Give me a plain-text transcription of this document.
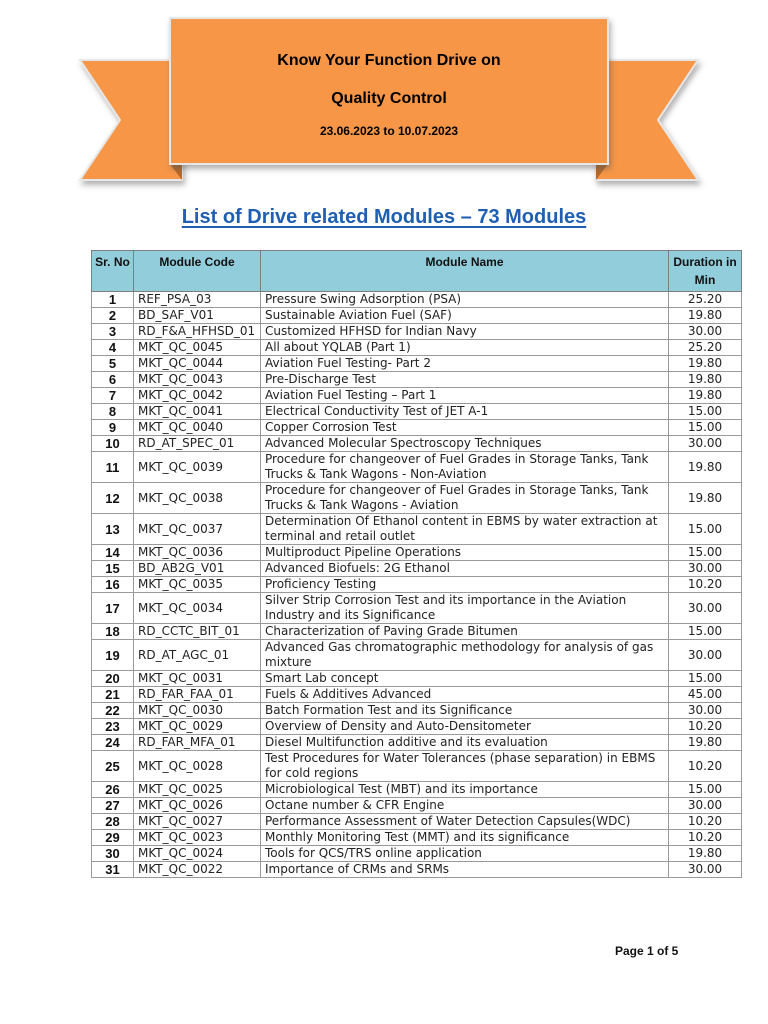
Know Your Function Drive on
Quality Control
23.06.2023 to 10.07.2023
List of Drive related Modules – 73 Modules
Sr. No	Module Code	Module Name	Duration in Min
1	REF_PSA_03	Pressure Swing Adsorption (PSA)	25.20
2	BD_SAF_V01	Sustainable Aviation Fuel (SAF)	19.80
3	RD_F&A_HFHSD_01	Customized HFHSD for Indian Navy	30.00
4	MKT_QC_0045	All about YQLAB (Part 1)	25.20
5	MKT_QC_0044	Aviation Fuel Testing- Part 2	19.80
6	MKT_QC_0043	Pre-Discharge Test	19.80
7	MKT_QC_0042	Aviation Fuel Testing – Part 1	19.80
8	MKT_QC_0041	Electrical Conductivity Test of JET A-1	15.00
9	MKT_QC_0040	Copper Corrosion Test	15.00
10	RD_AT_SPEC_01	Advanced Molecular Spectroscopy Techniques	30.00
11	MKT_QC_0039	Procedure for changeover of Fuel Grades in Storage Tanks, Tank Trucks & Tank Wagons - Non-Aviation	19.80
12	MKT_QC_0038	Procedure for changeover of Fuel Grades in Storage Tanks, Tank Trucks & Tank Wagons - Aviation	19.80
13	MKT_QC_0037	Determination Of Ethanol content in EBMS by water extraction at terminal and retail outlet	15.00
14	MKT_QC_0036	Multiproduct Pipeline Operations	15.00
15	BD_AB2G_V01	Advanced Biofuels: 2G Ethanol	30.00
16	MKT_QC_0035	Proficiency Testing	10.20
17	MKT_QC_0034	Silver Strip Corrosion Test and its importance in the Aviation Industry and its Significance	30.00
18	RD_CCTC_BIT_01	Characterization of Paving Grade Bitumen	15.00
19	RD_AT_AGC_01	Advanced Gas chromatographic methodology for analysis of gas mixture	30.00
20	MKT_QC_0031	Smart Lab concept	15.00
21	RD_FAR_FAA_01	Fuels & Additives Advanced	45.00
22	MKT_QC_0030	Batch Formation Test and its Significance	30.00
23	MKT_QC_0029	Overview of Density and Auto-Densitometer	10.20
24	RD_FAR_MFA_01	Diesel Multifunction additive and its evaluation	19.80
25	MKT_QC_0028	Test Procedures for Water Tolerances (phase separation) in EBMS for cold regions	10.20
26	MKT_QC_0025	Microbiological Test (MBT) and its importance	15.00
27	MKT_QC_0026	Octane number & CFR Engine	30.00
28	MKT_QC_0027	Performance Assessment of Water Detection Capsules(WDC)	10.20
29	MKT_QC_0023	Monthly Monitoring Test (MMT) and its significance	10.20
30	MKT_QC_0024	Tools for QCS/TRS online application	19.80
31	MKT_QC_0022	Importance of CRMs and SRMs	30.00
Page 1 of 5
